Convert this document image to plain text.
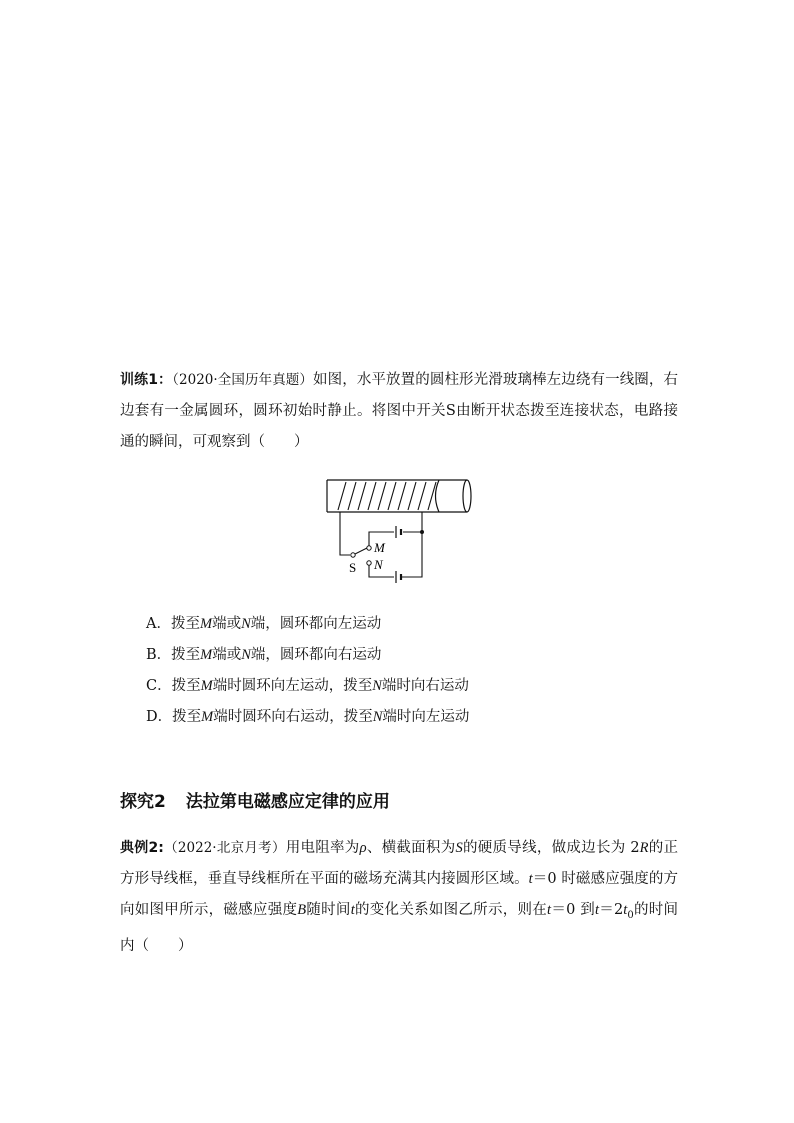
训练1：（2020·全国历年真题）如图，水平放置的圆柱形光滑玻璃棒左边绕有一线圈，右边套有一金属圆环，圆环初始时静止。将图中开关S由断开状态拨至连接状态，电路接通的瞬间，可观察到（　　）
S
M
N
A．拨至M端或N端，圆环都向左运动
B．拨至M端或N端，圆环都向右运动
C．拨至M端时圆环向左运动，拨至N端时向右运动
D．拨至M端时圆环向右运动，拨至N端时向左运动
探究2 法拉第电磁感应定律的应用
典例2:（2022·北京月考）用电阻率为ρ、横截面积为S的硬质导线，做成边长为 2R的正方形导线框，垂直导线框所在平面的磁场充满其内接圆形区域。t＝0 时磁感应强度的方向如图甲所示，磁感应强度B随时间t的变化关系如图乙所示，则在t＝0 到$t=2t_0$的时间内（　　）
